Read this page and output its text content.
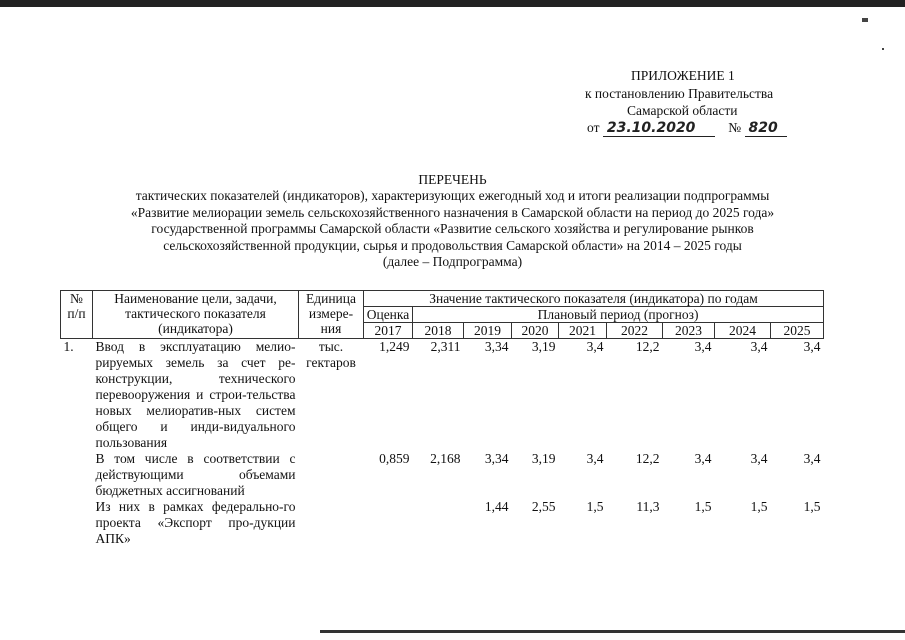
ПРИЛОЖЕНИЕ 1
к постановлению Правительства
Самарской области
от 23.10.2020 № 820
ПЕРЕЧЕНЬ
тактических показателей (индикаторов), характеризующих ежегодный ход и итоги реализации подпрограммы
«Развитие мелиорации земель сельскохозяйственного назначения в Самарской области на период до 2025 года»
государственной программы Самарской области «Развитие сельского хозяйства и регулирование рынков
сельскохозяйственной продукции, сырья и продовольствия Самарской области» на 2014 – 2025 годы
(далее – Подпрограмма)
№ п/п	Наименование цели, задачи, тактического показателя (индикатора)	Единица измере-ния	Значение тактического показателя (индикатора) по годам								
			Оценка	Плановый период (прогноз)							
			2017	2018	2019	2020	2021	2022	2023	2024	2025
1.	Ввод в эксплуатацию мелио-рируемых земель за счет ре-конструкции, технического перевооружения и строи-тельства новых мелиоратив-ных систем общего и инди-видуального пользования	тыс. гектаров	1,249	2,311	3,34	3,19	3,4	12,2	3,4	3,4	3,4
	В том числе в соответствии с действующими объемами бюджетных ассигнований		0,859	2,168	3,34	3,19	3,4	12,2	3,4	3,4	3,4
	Из них в рамках федерально-го проекта «Экспорт про-дукции АПК»				1,44	2,55	1,5	11,3	1,5	1,5	1,5
